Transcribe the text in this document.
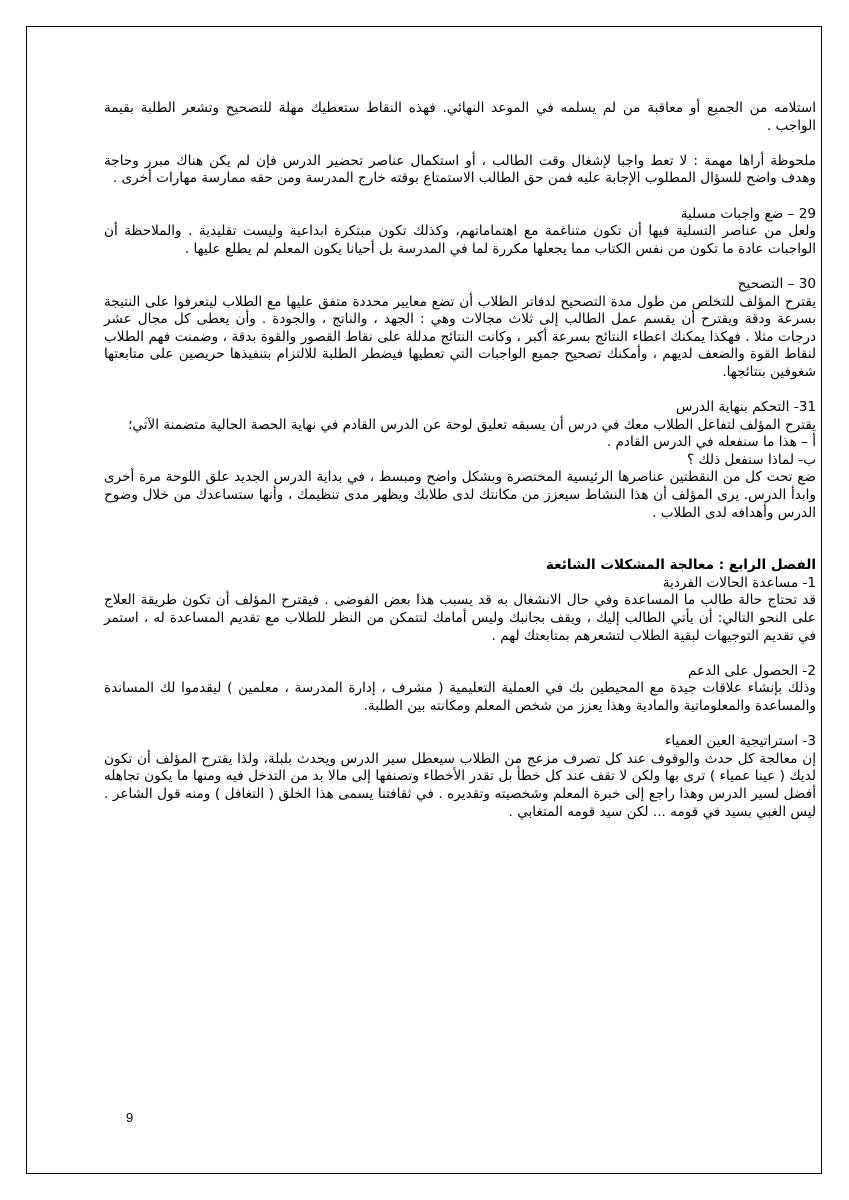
استلامه من الجميع أو معاقبة من لم يسلمه في الموعد النهائي. فهذه النقاط ستعطيك مهلة للتصحيح وتشعر الطلبة بقيمة الواجب .

ملحوظة أراها مهمة : لا تعط واجبا لإشغال وقت الطالب ، أو استكمال عناصر تحضير الدرس فإن لم يكن هناك مبرر وحاجة وهدف واضح للسؤال المطلوب الإجابة عليه فمن حق الطالب الاستمتاع بوقته خارج المدرسة ومن حقه ممارسة مهارات أخرى .

29 – ضع واجبات مسلية

ولعل من عناصر التسلية فيها أن تكون متناغمة مع اهتماماتهم، وكذلك تكون مبتكرة ابداعية وليست تقليدية . والملاحظة أن الواجبات عادة ما تكون من نفس الكتاب مما يجعلها مكررة لما في المدرسة بل أحيانا يكون المعلم لم يطلع عليها .

30 – التصحيح

يقترح المؤلف للتخلص من طول مدة التصحيح لدفاتر الطلاب أن تضع معايير محددة متفق عليها مع الطلاب ليتعرفوا على النتيجة بسرعة ودقة ويقترح أن يقسم عمل الطالب إلى ثلاث مجالات وهي : الجهد ، والناتج ، والجودة . وأن يعطى كل مجال عشر درجات مثلا . فهكذا يمكنك اعطاء النتائج بسرعة أكبر ، وكانت النتائج مدللة على نقاط القصور والقوة بدقة ، وضمنت فهم الطلاب لنقاط القوة والضعف لديهم ، وأمكنك تصحيح جميع الواجبات التي تعطيها فيضطر الطلبة للالتزام بتنفيذها حريصين على متابعتها شغوفين بنتائجها.

31- التحكم بنهاية الدرس

يقترح المؤلف لتفاعل الطلاب معك في درس أن يسبقه تعليق لوحة عن الدرس القادم في نهاية الحصة الحالية متضمنة الآتي؛

أ – هذا ما سنفعله في الدرس القادم .

ب- لماذا سنفعل ذلك ؟

ضع تحت كل من النقطتين عناصرها الرئيسية المختصرة وبشكل واضح ومبسط ، في بداية الدرس الجديد علق اللوحة مرة أخرى وابدأ الدرس. يرى المؤلف أن هذا النشاط سيعزز من مكانتك لدى طلابك ويظهر مدى تنظيمك ، وأنها ستساعدك من خلال وضوح الدرس وأهدافه لدى الطلاب .

الفصل الرابع : معالجة المشكلات الشائعة

1- مساعدة الحالات الفردية

قد تحتاج حالة طالب ما المساعدة وفي حال الانشغال به قد يسبب هذا بعض الفوضى . فيقترح المؤلف أن تكون طريقة العلاج على النحو التالي: أن يأتي الطالب إليك ، ويقف بجانبك وليس أمامك لتتمكن من النظر للطلاب مع تقديم المساعدة له ، استمر في تقديم التوجيهات لبقية الطلاب لتشعرهم بمتابعتك لهم .

2- الحصول على الدعم

وذلك بإنشاء علاقات جيدة مع المحيطين بك في العملية التعليمية ( مشرف ، إدارة المدرسة ، معلمين ) ليقدموا لك المساندة والمساعدة والمعلوماتية والمادية وهذا يعزز من شخص المعلم ومكانته بين الطلبة.

3- استراتيجية العين العمياء

إن معالجة كل حدث والوقوف عند كل تصرف مزعج من الطلاب سيعطل سير الدرس ويحدث بلبلة، ولذا يقترح المؤلف أن تكون لديك ( عينا عمياء ) ترى بها ولكن لا تقف عند كل خطأ بل تقدر الأخطاء وتصنفها إلى مالا بد من التدخل فيه ومنها ما يكون تجاهله أفضل لسير الدرس وهذا راجع إلى خبرة المعلم وشخصيته وتقديره . في ثقافتنا يسمى هذا الخلق ( التغافل ) ومنه قول الشاعر . ليس الغبي بسيد في قومه ... لكن سيد قومه المتغابي .

9
